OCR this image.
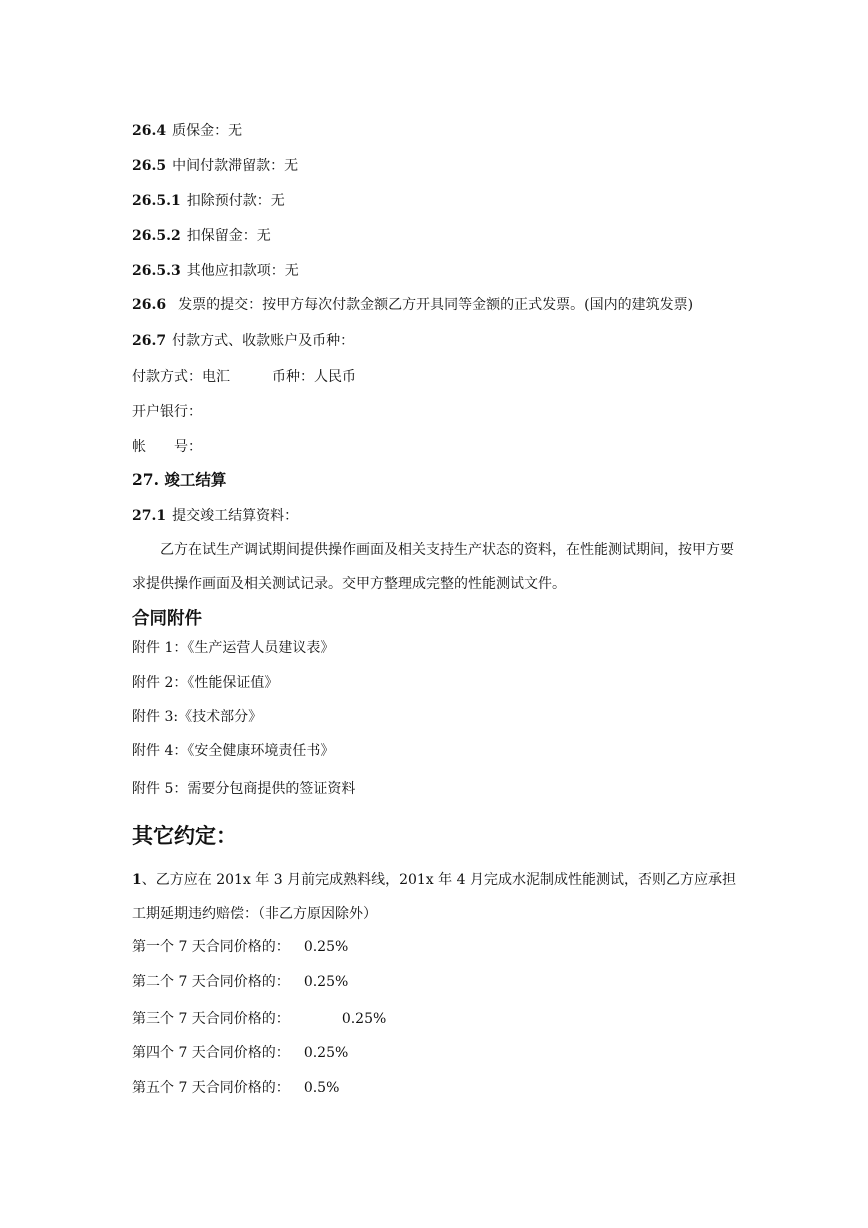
26.4 质保金：无
26.5 中间付款滞留款：无
26.5.1 扣除预付款：无
26.5.2 扣保留金：无
26.5.3 其他应扣款项：无
26.6 发票的提交：按甲方每次付款金额乙方开具同等金额的正式发票。(国内的建筑发票)
26.7 付款方式、收款账户及币种：
付款方式：电汇	币种：人民币
开户银行：
帐　　号：
27. 竣工结算
27.1 提交竣工结算资料：
乙方在试生产调试期间提供操作画面及相关支持生产状态的资料，在性能测试期间，按甲方要求提供操作画面及相关测试记录。交甲方整理成完整的性能测试文件。
合同附件
附件 1：《生产运营人员建议表》
附件 2：《性能保证值》
附件 3:《技术部分》
附件 4：《安全健康环境责任书》
附件 5：需要分包商提供的签证资料
其它约定：
1、乙方应在 201x 年 3 月前完成熟料线，201x 年 4 月完成水泥制成性能测试，否则乙方应承担工期延期违约赔偿：（非乙方原因除外）
第一个 7 天合同价格的： 0.25%
第二个 7 天合同价格的： 0.25%
第三个 7 天合同价格的：	0.25%
第四个 7 天合同价格的： 0.25%
第五个 7 天合同价格的： 0.5%
